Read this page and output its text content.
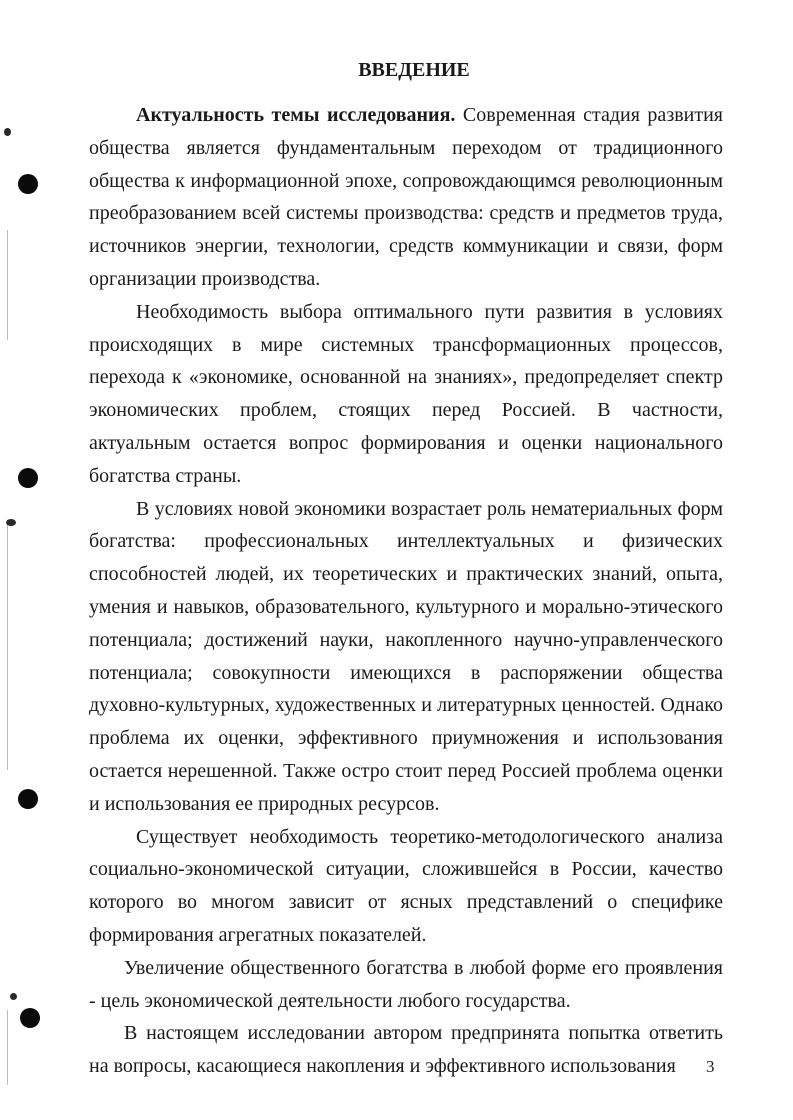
ВВЕДЕНИЕ

Актуальность темы исследования. Современная стадия развития общества является фундаментальным переходом от традиционного общества к информационной эпохе, сопровождающимся революционным преобразованием всей системы производства: средств и предметов труда, источников энергии, технологии, средств коммуникации и связи, форм организации производства.

Необходимость выбора оптимального пути развития в условиях происходящих в мире системных трансформационных процессов, перехода к «экономике, основанной на знаниях», предопределяет спектр экономических проблем, стоящих перед Россией. В частности, актуальным остается вопрос формирования и оценки национального богатства страны.

В условиях новой экономики возрастает роль нематериальных форм богатства: профессиональных интеллектуальных и физических способностей людей, их теоретических и практических знаний, опыта, умения и навыков, образовательного, культурного и морально-этического потенциала; достижений науки, накопленного научно-управленческого потенциала; совокупности имеющихся в распоряжении общества духовно-культурных, художественных и литературных ценностей. Однако проблема их оценки, эффективного приумножения и использования остается нерешенной. Также остро стоит перед Россией проблема оценки и использования ее природных ресурсов.

Существует необходимость теоретико-методологического анализа социально-экономической ситуации, сложившейся в России, качество которого во многом зависит от ясных представлений о специфике формирования агрегатных показателей.

Увеличение общественного богатства в любой форме его проявления - цель экономической деятельности любого государства.

В настоящем исследовании автором предпринята попытка ответить на вопросы, касающиеся накопления и эффективного использования	3
